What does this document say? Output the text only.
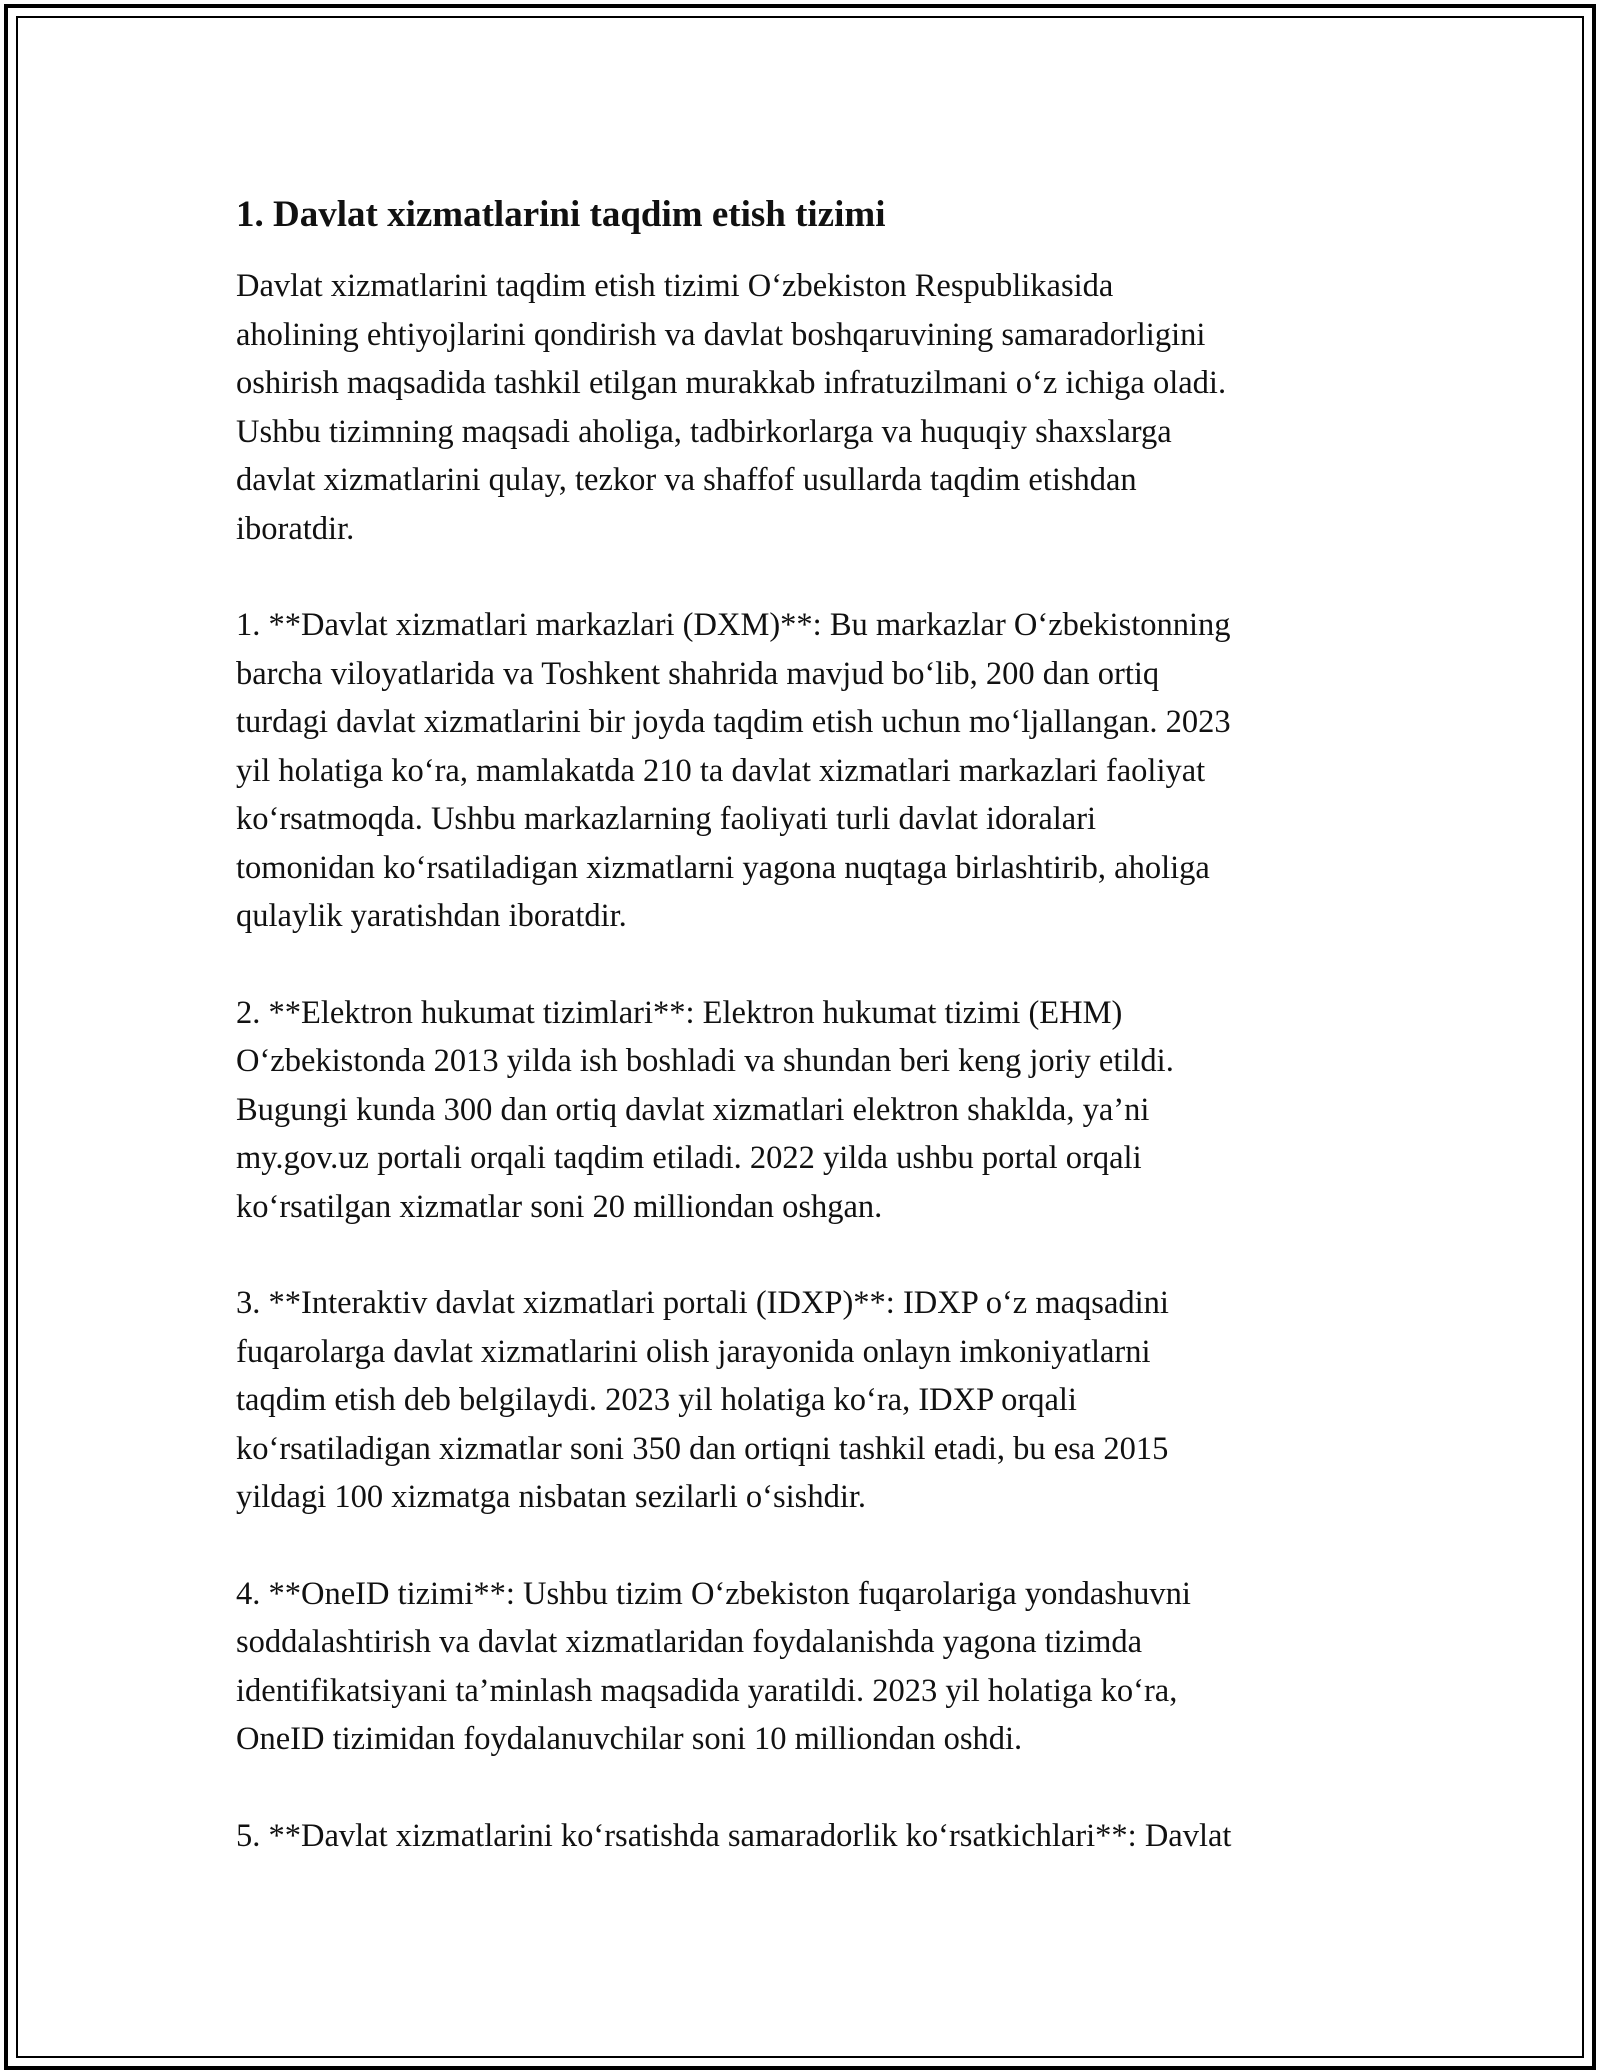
1. Davlat xizmatlarini taqdim etish tizimi

Davlat xizmatlarini taqdim etish tizimi O‘zbekiston Respublikasida
aholining ehtiyojlarini qondirish va davlat boshqaruvining samaradorligini
oshirish maqsadida tashkil etilgan murakkab infratuzilmani o‘z ichiga oladi.
Ushbu tizimning maqsadi aholiga, tadbirkorlarga va huquqiy shaxslarga
davlat xizmatlarini qulay, tezkor va shaffof usullarda taqdim etishdan
iboratdir.

1. **Davlat xizmatlari markazlari (DXM)**: Bu markazlar O‘zbekistonning
barcha viloyatlarida va Toshkent shahrida mavjud bo‘lib, 200 dan ortiq
turdagi davlat xizmatlarini bir joyda taqdim etish uchun mo‘ljallangan. 2023
yil holatiga ko‘ra, mamlakatda 210 ta davlat xizmatlari markazlari faoliyat
ko‘rsatmoqda. Ushbu markazlarning faoliyati turli davlat idoralari
tomonidan ko‘rsatiladigan xizmatlarni yagona nuqtaga birlashtirib, aholiga
qulaylik yaratishdan iboratdir.

2. **Elektron hukumat tizimlari**: Elektron hukumat tizimi (EHM)
O‘zbekistonda 2013 yilda ish boshladi va shundan beri keng joriy etildi.
Bugungi kunda 300 dan ortiq davlat xizmatlari elektron shaklda, ya’ni
my.gov.uz portali orqali taqdim etiladi. 2022 yilda ushbu portal orqali
ko‘rsatilgan xizmatlar soni 20 milliondan oshgan.

3. **Interaktiv davlat xizmatlari portali (IDXP)**: IDXP o‘z maqsadini
fuqarolarga davlat xizmatlarini olish jarayonida onlayn imkoniyatlarni
taqdim etish deb belgilaydi. 2023 yil holatiga ko‘ra, IDXP orqali
ko‘rsatiladigan xizmatlar soni 350 dan ortiqni tashkil etadi, bu esa 2015
yildagi 100 xizmatga nisbatan sezilarli o‘sishdir.

4. **OneID tizimi**: Ushbu tizim O‘zbekiston fuqarolariga yondashuvni
soddalashtirish va davlat xizmatlaridan foydalanishda yagona tizimda
identifikatsiyani ta’minlash maqsadida yaratildi. 2023 yil holatiga ko‘ra,
OneID tizimidan foydalanuvchilar soni 10 milliondan oshdi.

5. **Davlat xizmatlarini ko‘rsatishda samaradorlik ko‘rsatkichlari**: Davlat
